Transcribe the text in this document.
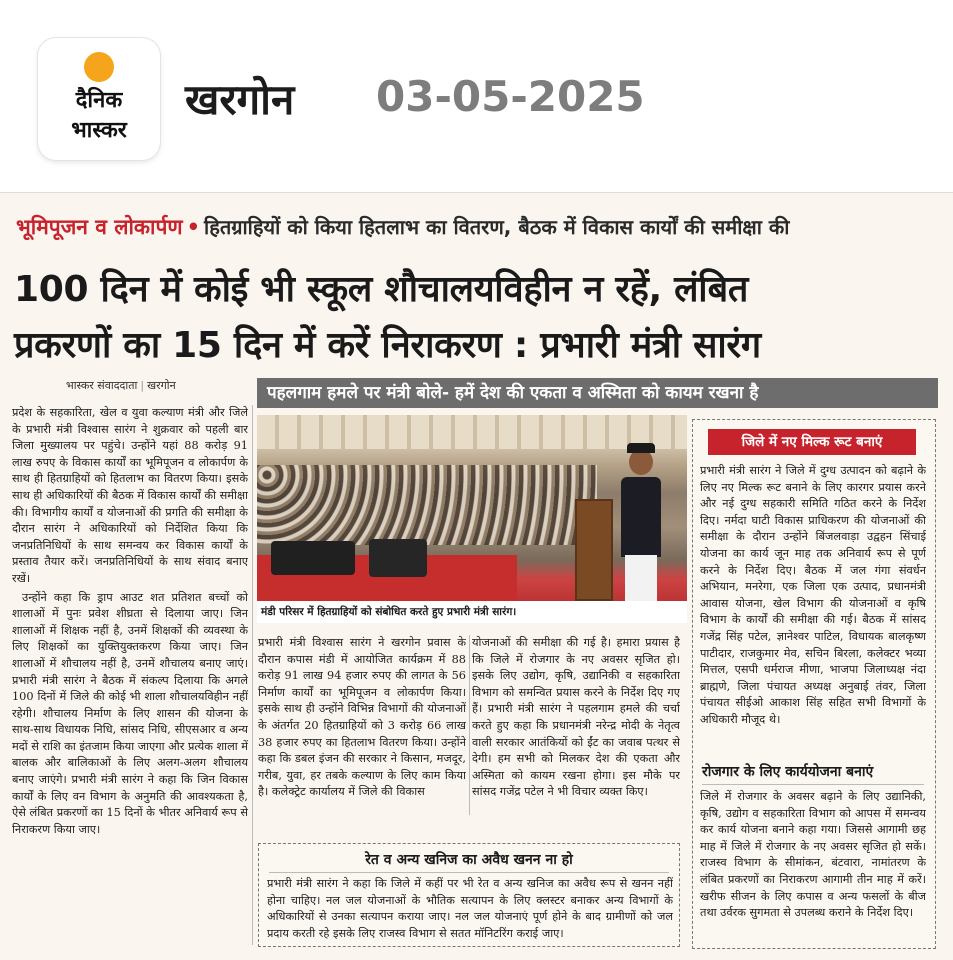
दैनिक
भास्कर
खरगोन 03-05-2025
भूमिपूजन व लोकार्पण • हितग्राहियों को किया हितलाभ का वितरण, बैठक में विकास कार्यों की समीक्षा की
100 दिन में कोई भी स्कूल शौचालयविहीन न रहें, लंबित
प्रकरणों का 15 दिन में करें निराकरण : प्रभारी मंत्री सारंग
भास्कर संवाददाता | खरगोन	पहलगाम हमले पर मंत्री बोले- हमें देश की एकता व अस्मिता को कायम रखना है

प्रदेश के सहकारिता, खेल व युवा कल्याण मंत्री और जिले के प्रभारी मंत्री विश्वास सारंग ने शुक्रवार को पहली बार जिला मुख्यालय पर पहुंचे। उन्होंने यहां 88 करोड़ 91 लाख रुपए के विकास कार्यों का भूमिपूजन व लोकार्पण के साथ ही हितग्राहियों को हितलाभ का वितरण किया। इसके साथ ही अधिकारियों की बैठक में विकास कार्यों की समीक्षा की। विभागीय कार्यों व योजनाओं की प्रगति की समीक्षा के दौरान सारंग ने अधिकारियों को निर्देशित किया कि जनप्रतिनिधियों के साथ समन्वय कर विकास कार्यों के प्रस्ताव तैयार करें। जनप्रतिनिधियों के साथ संवाद बनाए रखें।

उन्होंने कहा कि ड्राप आउट शत प्रतिशत बच्चों को शालाओं में पुनः प्रवेश शीघ्रता से दिलाया जाए। जिन शालाओं में शिक्षक नहीं है, उनमें शिक्षकों की व्यवस्था के लिए शिक्षकों का युक्तियुक्तकरण किया जाए। जिन शालाओं में शौचालय नहीं है, उनमें शौचालय बनाए जाएं। प्रभारी मंत्री सारंग ने बैठक में संकल्प दिलाया कि अगले 100 दिनों में जिले की कोई भी शाला शौचालयविहीन नहीं रहेगी। शौचालय निर्माण के लिए शासन की योजना के साथ-साथ विधायक निधि, सांसद निधि, सीएसआर व अन्य मदों से राशि का इंतजाम किया जाएगा और प्रत्येक शाला में बालक और बालिकाओं के लिए अलग-अलग शौचालय बनाए जाएंगे। प्रभारी मंत्री सारंग ने कहा कि जिन विकास कार्यों के लिए वन विभाग के अनुमति की आवश्यकता है, ऐसे लंबित प्रकरणों का 15 दिनों के भीतर अनिवार्य रूप से निराकरण किया जाए।

मंडी परिसर में हितग्राहियों को संबोधित करते हुए प्रभारी मंत्री सारंग।
प्रभारी मंत्री विश्वास सारंग ने खरगोन प्रवास के दौरान कपास मंडी में आयोजित कार्यक्रम में 88 करोड़ 91 लाख 94 हजार रुपए की लागत के 56 निर्माण कार्यों का भूमिपूजन व लोकार्पण किया। इसके साथ ही उन्होंने विभिन्न विभागों की योजनाओं के अंतर्गत 20 हितग्राहियों को 3 करोड़ 66 लाख 38 हजार रुपए का हितलाभ वितरण किया। उन्होंने कहा कि डबल इंजन की सरकार ने किसान, मजदूर, गरीब, युवा, हर तबके कल्याण के लिए काम किया है। कलेक्ट्रेट कार्यालय में जिले की विकास
योजनाओं की समीक्षा की गई है। हमारा प्रयास है कि जिले में रोजगार के नए अवसर सृजित हो। इसके लिए उद्योग, कृषि, उद्यानिकी व सहकारिता विभाग को समन्वित प्रयास करने के निर्देश दिए गए हैं। प्रभारी मंत्री सारंग ने पहलगाम हमले की चर्चा करते हुए कहा कि प्रधानमंत्री नरेन्द्र मोदी के नेतृत्व वाली सरकार आतंकियों को ईंट का जवाब पत्थर से देगी। हम सभी को मिलकर देश की एकता और अस्मिता को कायम रखना होगा। इस मौके पर सांसद गजेंद्र पटेल ने भी विचार व्यक्त किए।
रेत व अन्य खनिज का अवैध खनन ना हो
प्रभारी मंत्री सारंग ने कहा कि जिले में कहीं पर भी रेत व अन्य खनिज का अवैध रूप से खनन नहीं होना चाहिए। नल जल योजनाओं के भौतिक सत्यापन के लिए क्लस्टर बनाकर अन्य विभागों के अधिकारियों से उनका सत्यापन कराया जाए। नल जल योजनाएं पूर्ण होने के बाद ग्रामीणों को जल प्रदाय करती रहे इसके लिए राजस्व विभाग से सतत मॉनिटरिंग कराई जाए।
जिले में नए मिल्क रूट बनाएं
प्रभारी मंत्री सारंग ने जिले में दुग्ध उत्पादन को बढ़ाने के लिए नए मिल्क रूट बनाने के लिए कारगर प्रयास करने और नई दुग्ध सहकारी समिति गठित करने के निर्देश दिए। नर्मदा घाटी विकास प्राधिकरण की योजनाओं की समीक्षा के दौरान उन्होंने बिंजलवाड़ा उद्वहन सिंचाई योजना का कार्य जून माह तक अनिवार्य रूप से पूर्ण करने के निर्देश दिए। बैठक में जल गंगा संवर्धन अभियान, मनरेगा, एक जिला एक उत्पाद, प्रधानमंत्री आवास योजना, खेल विभाग की योजनाओं व कृषि विभाग के कार्यों की समीक्षा की गई। बैठक में सांसद गजेंद्र सिंह पटेल, ज्ञानेश्वर पाटिल, विधायक बालकृष्ण पाटीदार, राजकुमार मेव, सचिन बिरला, कलेक्टर भव्या मित्तल, एसपी धर्मराज मीणा, भाजपा जिलाध्यक्ष नंदा ब्राह्मणे, जिला पंचायत अध्यक्ष अनुबाई तंवर, जिला पंचायत सीईओ आकाश सिंह सहित सभी विभागों के अधिकारी मौजूद थे।
रोजगार के लिए कार्ययोजना बनाएं
जिले में रोजगार के अवसर बढ़ाने के लिए उद्यानिकी, कृषि, उद्योग व सहकारिता विभाग को आपस में समन्वय कर कार्य योजना बनाने कहा गया। जिससे आगामी छह माह में जिले में रोजगार के नए अवसर सृजित हो सकें। राजस्व विभाग के सीमांकन, बंटवारा, नामांतरण के लंबित प्रकरणों का निराकरण आगामी तीन माह में करें। खरीफ सीजन के लिए कपास व अन्य फसलों के बीज तथा उर्वरक सुगमता से उपलब्ध कराने के निर्देश दिए।
